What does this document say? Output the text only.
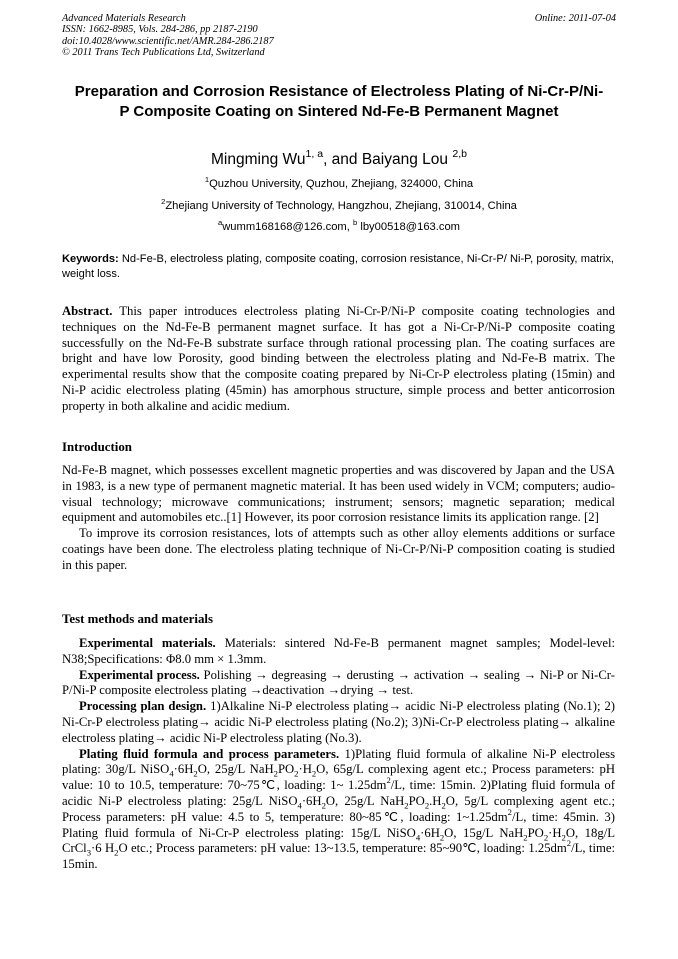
Advanced Materials Research
ISSN: 1662-8985, Vols. 284-286, pp 2187-2190
doi:10.4028/www.scientific.net/AMR.284-286.2187
© 2011 Trans Tech Publications Ltd, Switzerland
Online: 2011-07-04
Preparation and Corrosion Resistance of Electroless Plating of Ni-Cr-P/Ni-P Composite Coating on Sintered Nd-Fe-B Permanent Magnet
Mingming Wu$^{1, a}$, and Baiyang Lou $^{2,b}$
$^1$Quzhou University, Quzhou, Zhejiang, 324000, China
$^2$Zhejiang University of Technology, Hangzhou, Zhejiang, 310014, China
$^a$wumm168168@126.com, $^b$ lby00518@163.com
Keywords: Nd-Fe-B, electroless plating, composite coating, corrosion resistance, Ni-Cr-P/ Ni-P, porosity, matrix, weight loss.
Abstract. This paper introduces electroless plating Ni-Cr-P/Ni-P composite coating technologies and techniques on the Nd-Fe-B permanent magnet surface. It has got a Ni-Cr-P/Ni-P composite coating successfully on the Nd-Fe-B substrate surface through rational processing plan. The coating surfaces are bright and have low Porosity, good binding between the electroless plating and Nd-Fe-B matrix. The experimental results show that the composite coating prepared by Ni-Cr-P electroless plating (15min) and Ni-P acidic electroless plating (45min) has amorphous structure, simple process and better anticorrosion property in both alkaline and acidic medium.
Introduction

Nd-Fe-B magnet, which possesses excellent magnetic properties and was discovered by Japan and the USA in 1983, is a new type of permanent magnetic material. It has been used widely in VCM; computers; audio-visual technology; microwave communications; instrument; sensors; magnetic separation; medical equipment and automobiles etc..[1] However, its poor corrosion resistance limits its application range. [2]

To improve its corrosion resistances, lots of attempts such as other alloy elements additions or surface coatings have been done. The electroless plating technique of Ni-Cr-P/Ni-P composition coating is studied in this paper.

Test methods and materials

Experimental materials. Materials: sintered Nd-Fe-B permanent magnet samples; Model-level: N38;Specifications: Φ8.0 mm × 1.3mm.

Experimental process. Polishing → degreasing → derusting → activation → sealing → Ni-P or Ni-Cr-P/Ni-P composite electroless plating →deactivation →drying → test.

Processing plan design. 1)Alkaline Ni-P electroless plating→ acidic Ni-P electroless plating (No.1); 2) Ni-Cr-P electroless plating→ acidic Ni-P electroless plating (No.2); 3)Ni-Cr-P electroless plating→ alkaline electroless plating→ acidic Ni-P electroless plating (No.3).

Plating fluid formula and process parameters. 1)Plating fluid formula of alkaline Ni-P electroless plating: 30g/L $NiSO_4\cdot 6H_2O$, 25g/L $NaH_2PO_2\cdot H_2O$, 65g/L complexing agent etc.; Process parameters: pH value: 10 to 10.5, temperature: 70~75℃, loading: 1~ $1.25dm^2/L$, time: 15min. 2)Plating fluid formula of acidic Ni-P electroless plating: 25g/L $NiSO_4\cdot 6H_2O$, 25g/L $NaH_2PO_2.H_2O$, 5g/L complexing agent etc.; Process parameters: pH value: 4.5 to 5, temperature: 80~85℃, loading: $1\sim 1.25dm^2/L$, time: 45min. 3) Plating fluid formula of Ni-Cr-P electroless plating: 15g/L $NiSO_4\cdot 6H_2O$, 15g/L $NaH_2PO_2\cdot H_2O$, 18g/L CrCl$_3$·6 $H_2O$ etc.; Process parameters: pH value: 13~13.5, temperature: 85~90℃, loading: $1.25dm^2/L$, time: 15min.
